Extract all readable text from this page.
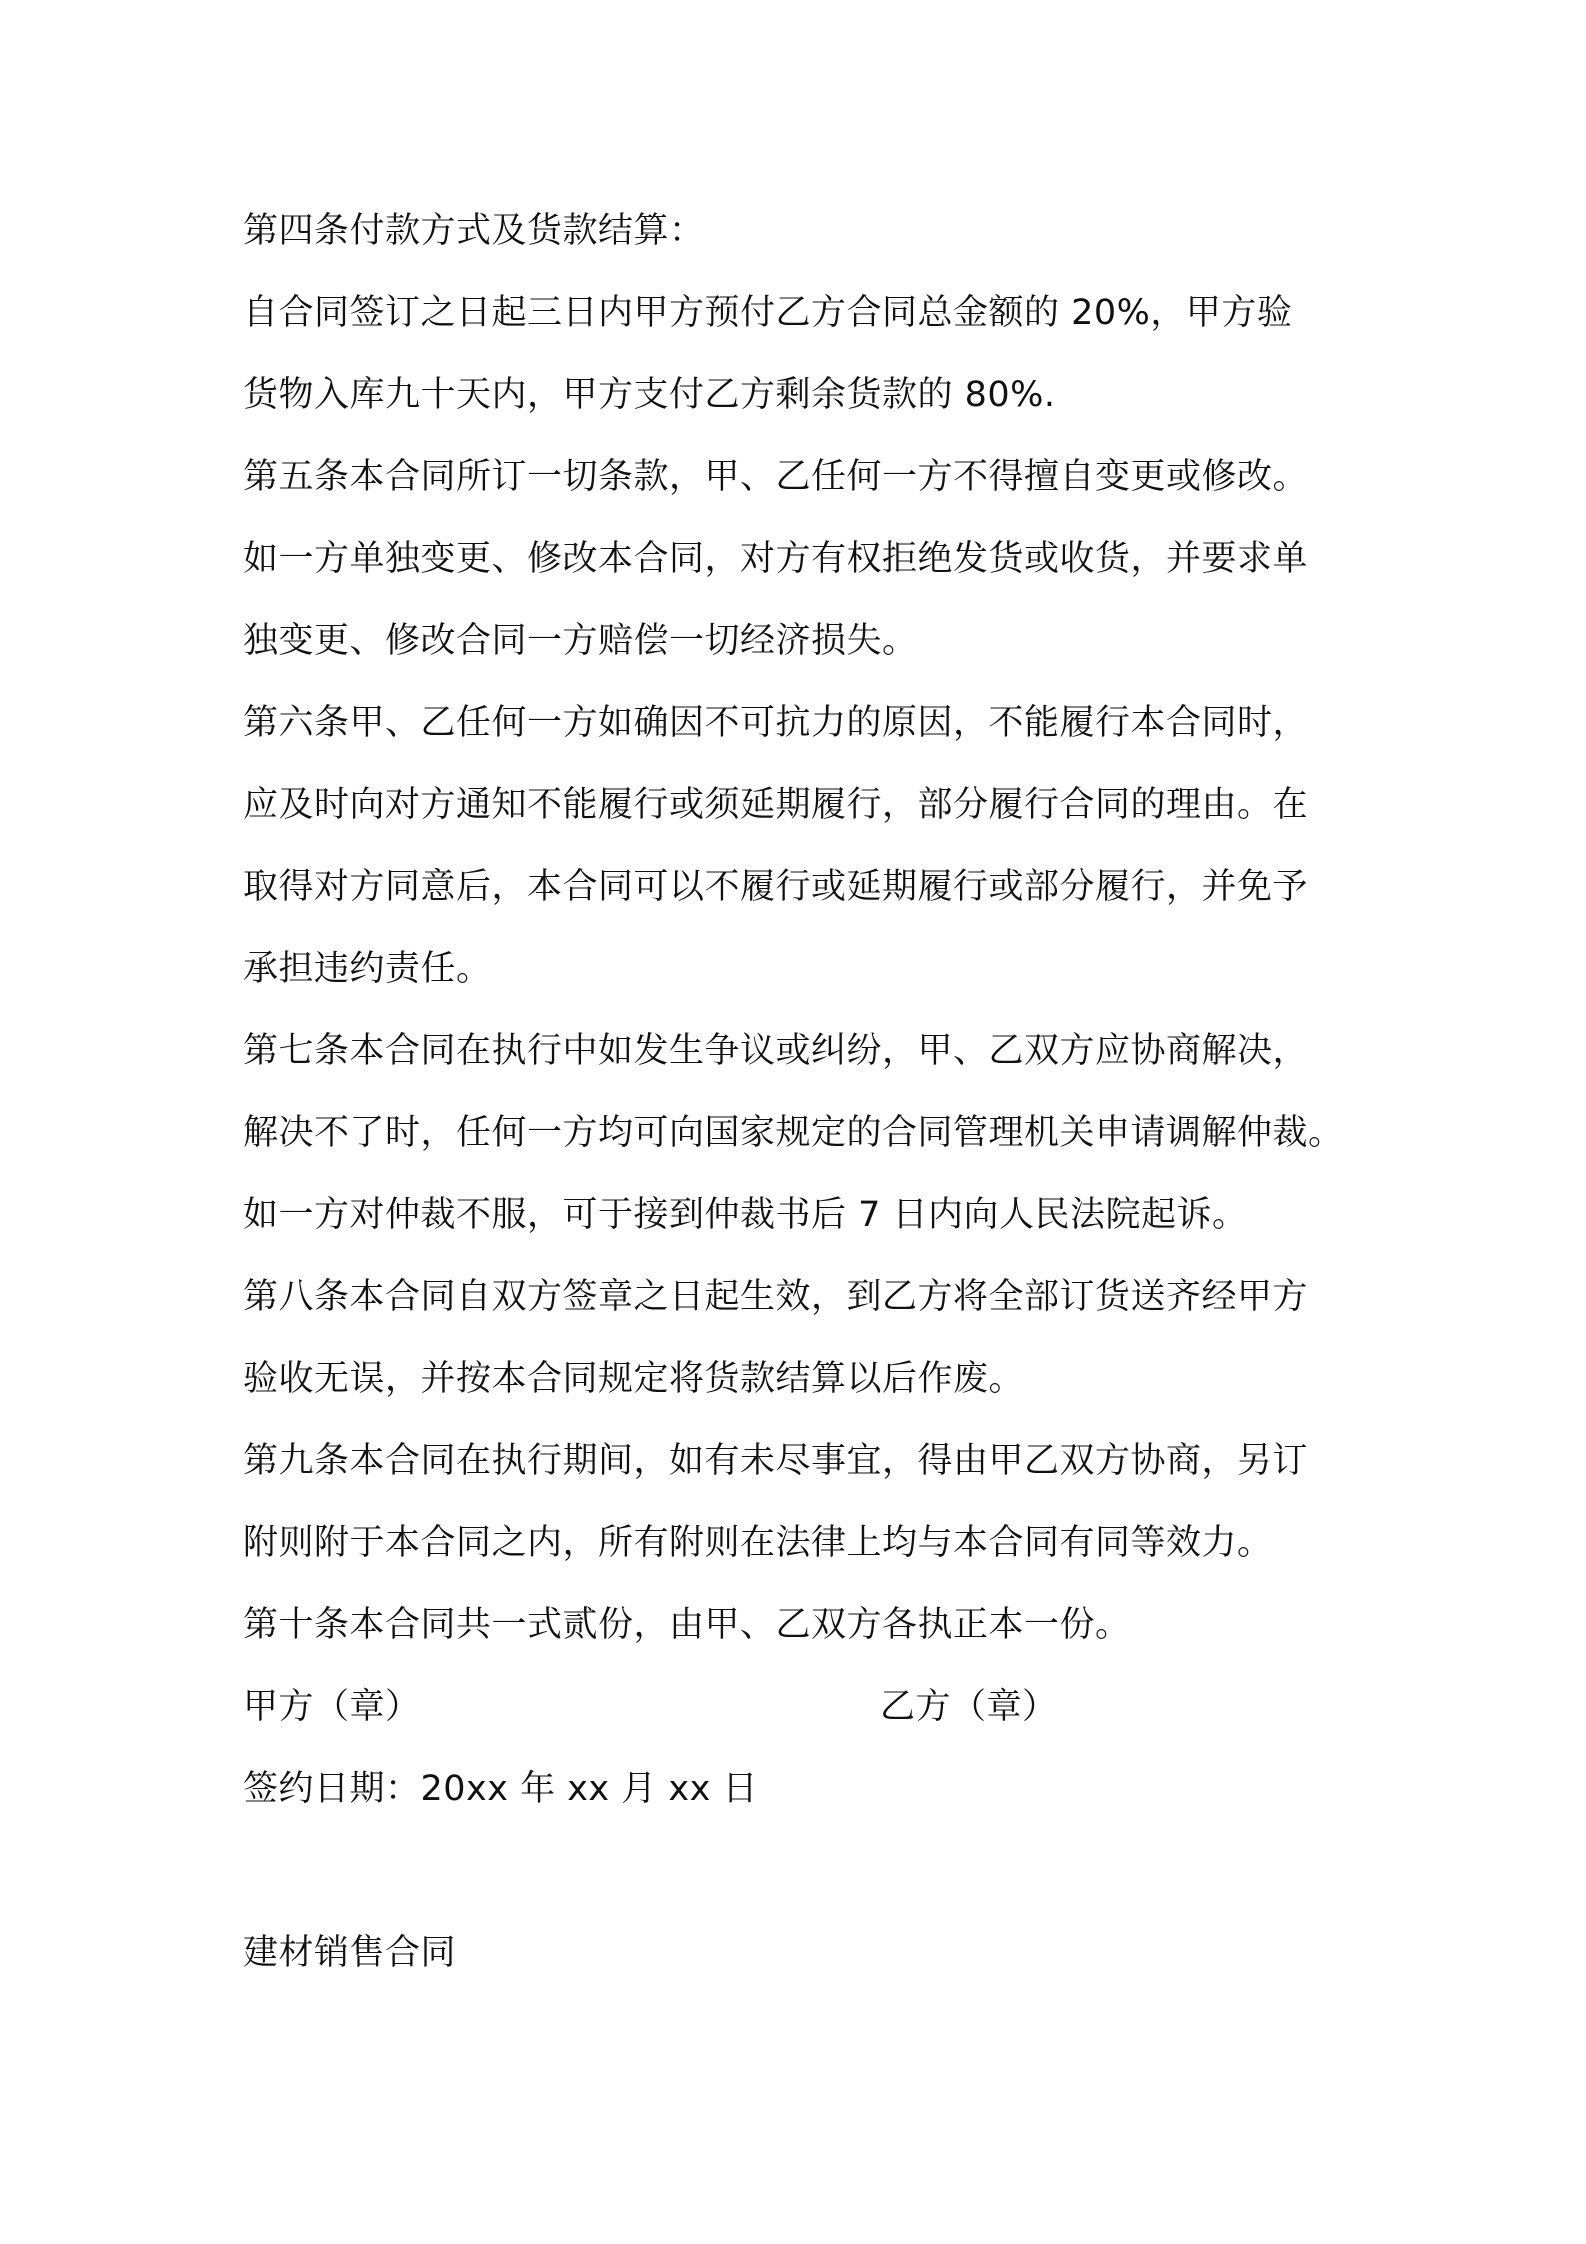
第四条付款方式及货款结算：
自合同签订之日起三日内甲方预付乙方合同总金额的 20%，甲方验
货物入库九十天内，甲方支付乙方剩余货款的 80%.
第五条本合同所订一切条款，甲、乙任何一方不得擅自变更或修改。
如一方单独变更、修改本合同，对方有权拒绝发货或收货，并要求单
独变更、修改合同一方赔偿一切经济损失。
第六条甲、乙任何一方如确因不可抗力的原因，不能履行本合同时，
应及时向对方通知不能履行或须延期履行，部分履行合同的理由。在
取得对方同意后，本合同可以不履行或延期履行或部分履行，并免予
承担违约责任。
第七条本合同在执行中如发生争议或纠纷，甲、乙双方应协商解决，
解决不了时，任何一方均可向国家规定的合同管理机关申请调解仲裁。
如一方对仲裁不服，可于接到仲裁书后 7 日内向人民法院起诉。
第八条本合同自双方签章之日起生效，到乙方将全部订货送齐经甲方
验收无误，并按本合同规定将货款结算以后作废。
第九条本合同在执行期间，如有未尽事宜，得由甲乙双方协商，另订
附则附于本合同之内，所有附则在法律上均与本合同有同等效力。
第十条本合同共一式贰份，由甲、乙双方各执正本一份。
甲方（章）	乙方（章）
签约日期：20xx 年 xx 月 xx 日
建材销售合同
